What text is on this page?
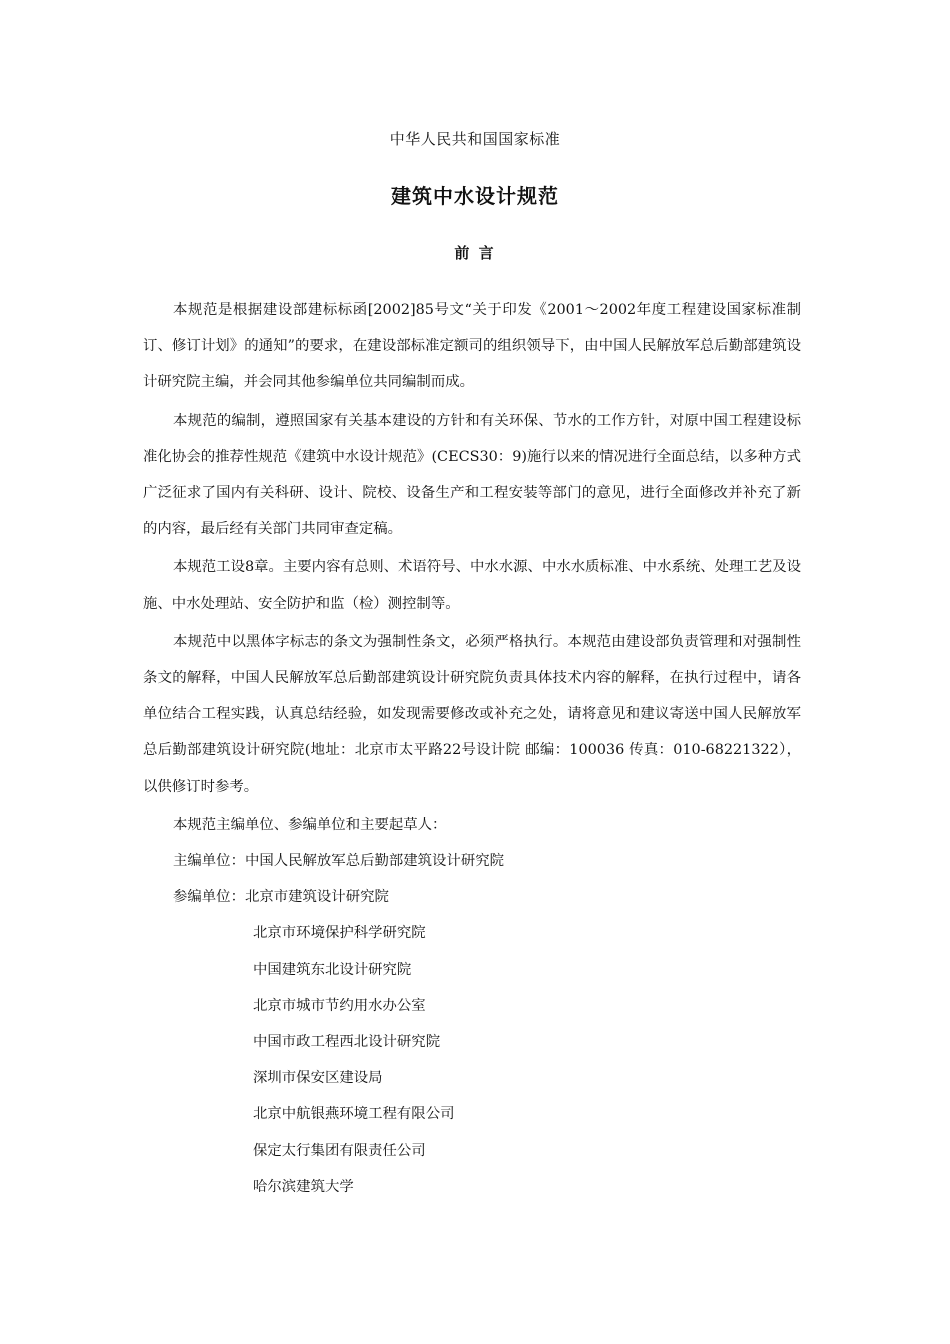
中华人民共和国国家标准
建筑中水设计规范
前 言

本规范是根据建设部建标标函[2002]85号文“关于印发《2001～2002年度工程建设国家标准制订、修订计划》的通知”的要求，在建设部标准定额司的组织领导下，由中国人民解放军总后勤部建筑设计研究院主编，并会同其他参编单位共同编制而成。

本规范的编制，遵照国家有关基本建设的方针和有关环保、节水的工作方针，对原中国工程建设标准化协会的推荐性规范《建筑中水设计规范》(CECS30：9)施行以来的情况进行全面总结，以多种方式广泛征求了国内有关科研、设计、院校、设备生产和工程安装等部门的意见，进行全面修改并补充了新的内容，最后经有关部门共同审查定稿。

本规范工设8章。主要内容有总则、术语符号、中水水源、中水水质标准、中水系统、处理工艺及设施、中水处理站、安全防护和监（检）测控制等。

本规范中以黑体字标志的条文为强制性条文，必须严格执行。本规范由建设部负责管理和对强制性条文的解释，中国人民解放军总后勤部建筑设计研究院负责具体技术内容的解释，在执行过程中，请各单位结合工程实践，认真总结经验，如发现需要修改或补充之处，请将意见和建议寄送中国人民解放军总后勤部建筑设计研究院(地址：北京市太平路22号设计院 邮编：100036 传真：010-68221322），以供修订时参考。

本规范主编单位、参编单位和主要起草人：

主编单位：中国人民解放军总后勤部建筑设计研究院

参编单位：北京市建筑设计研究院

北京市环境保护科学研究院

中国建筑东北设计研究院

北京市城市节约用水办公室

中国市政工程西北设计研究院

深圳市保安区建设局

北京中航银燕环境工程有限公司

保定太行集团有限责任公司

哈尔滨建筑大学
